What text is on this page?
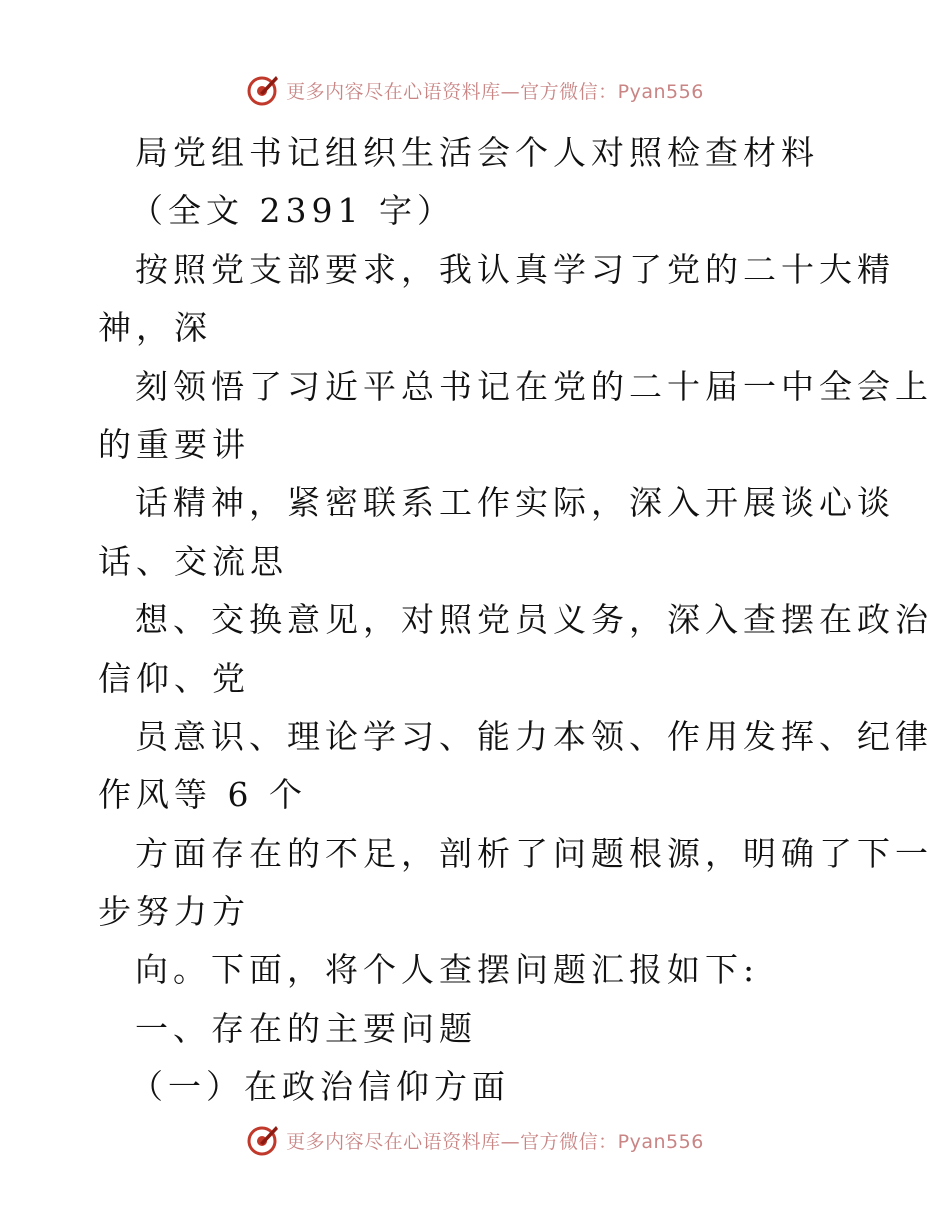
更多内容尽在心语资料库—官方微信：Pyan556

局党组书记组织生活会个人对照检查材料

（全文 2391 字）

按照党支部要求，我认真学习了党的二十大精

神，深

刻领悟了习近平总书记在党的二十届一中全会上

的重要讲

话精神，紧密联系工作实际，深入开展谈心谈

话、交流思

想、交换意见，对照党员义务，深入查摆在政治

信仰、党

员意识、理论学习、能力本领、作用发挥、纪律

作风等 6 个

方面存在的不足，剖析了问题根源，明确了下一

步努力方

向。下面，将个人查摆问题汇报如下:

一、存在的主要问题

（一）在政治信仰方面

更多内容尽在心语资料库—官方微信：Pyan556
